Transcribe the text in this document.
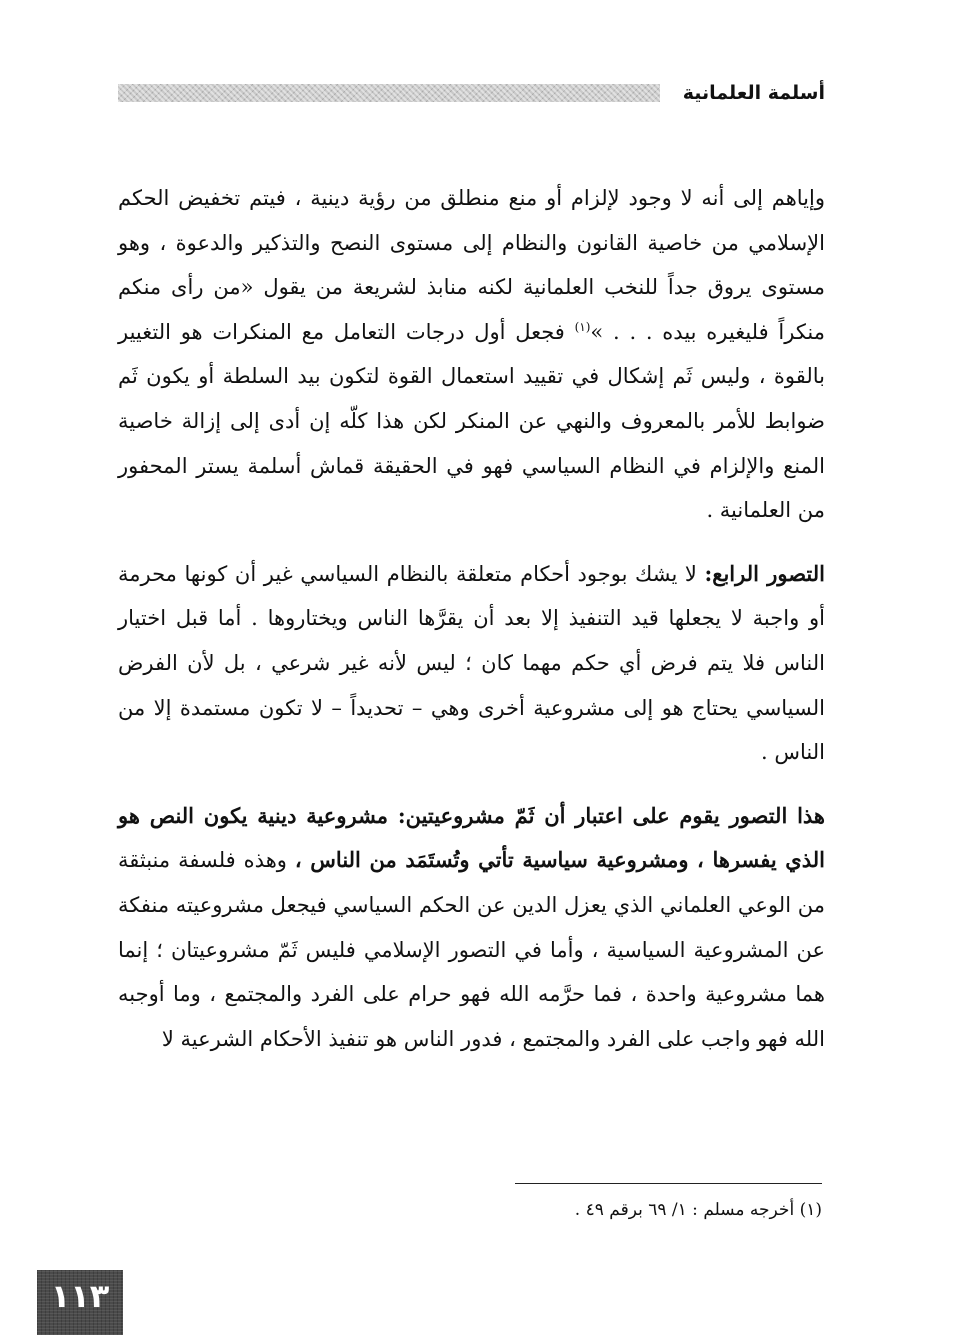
أسلمة العلمانية

وإياهم إلى أنه لا وجود لإلزام أو منع منطلق من رؤية دينية ، فيتم تخفيض الحكم الإسلامي من خاصية القانون والنظام إلى مستوى النصح والتذكير والدعوة ، وهو مستوى يروق جداً للنخب العلمانية لكنه منابذ لشريعة من يقول «من رأى منكم منكراً فليغيره بيده . . . »$^{(١)}$ فجعل أول درجات التعامل مع المنكرات هو التغيير بالقوة ، وليس ثَم إشكال في تقييد استعمال القوة لتكون بيد السلطة أو يكون ثَم ضوابط للأمر بالمعروف والنهي عن المنكر لكن هذا كلّه إن أدى إلى إزالة خاصية المنع والإلزام في النظام السياسي فهو في الحقيقة قماش أسلمة يستر المحفور من العلمانية .

التصور الرابع: لا يشك بوجود أحكام متعلقة بالنظام السياسي غير أن كونها محرمة أو واجبة لا يجعلها قيد التنفيذ إلا بعد أن يقرَّها الناس ويختاروها . أما قبل اختيار الناس فلا يتم فرض أي حكم مهما كان ؛ ليس لأنه غير شرعي ، بل لأن الفرض السياسي يحتاج هو إلى مشروعية أخرى وهي – تحديداً – لا تكون مستمدة إلا من الناس .

هذا التصور يقوم على اعتبار أن ثَمّ مشروعيتين: مشروعية دينية يكون النص هو الذي يفسرها ، ومشروعية سياسية تأتي وتُستَمَد من الناس ، وهذه فلسفة منبثقة من الوعي العلماني الذي يعزل الدين عن الحكم السياسي فيجعل مشروعيته منفكة عن المشروعية السياسية ، وأما في التصور الإسلامي فليس ثَمّ مشروعيتان ؛ إنما هما مشروعية واحدة ، فما حرَّمه الله فهو حرام على الفرد والمجتمع ، وما أوجبه الله فهو واجب على الفرد والمجتمع ، فدور الناس هو تنفيذ الأحكام الشرعية لا

(١) أخرجه مسلم : ١/ ٦٩ برقم ٤٩ .
١١٣
